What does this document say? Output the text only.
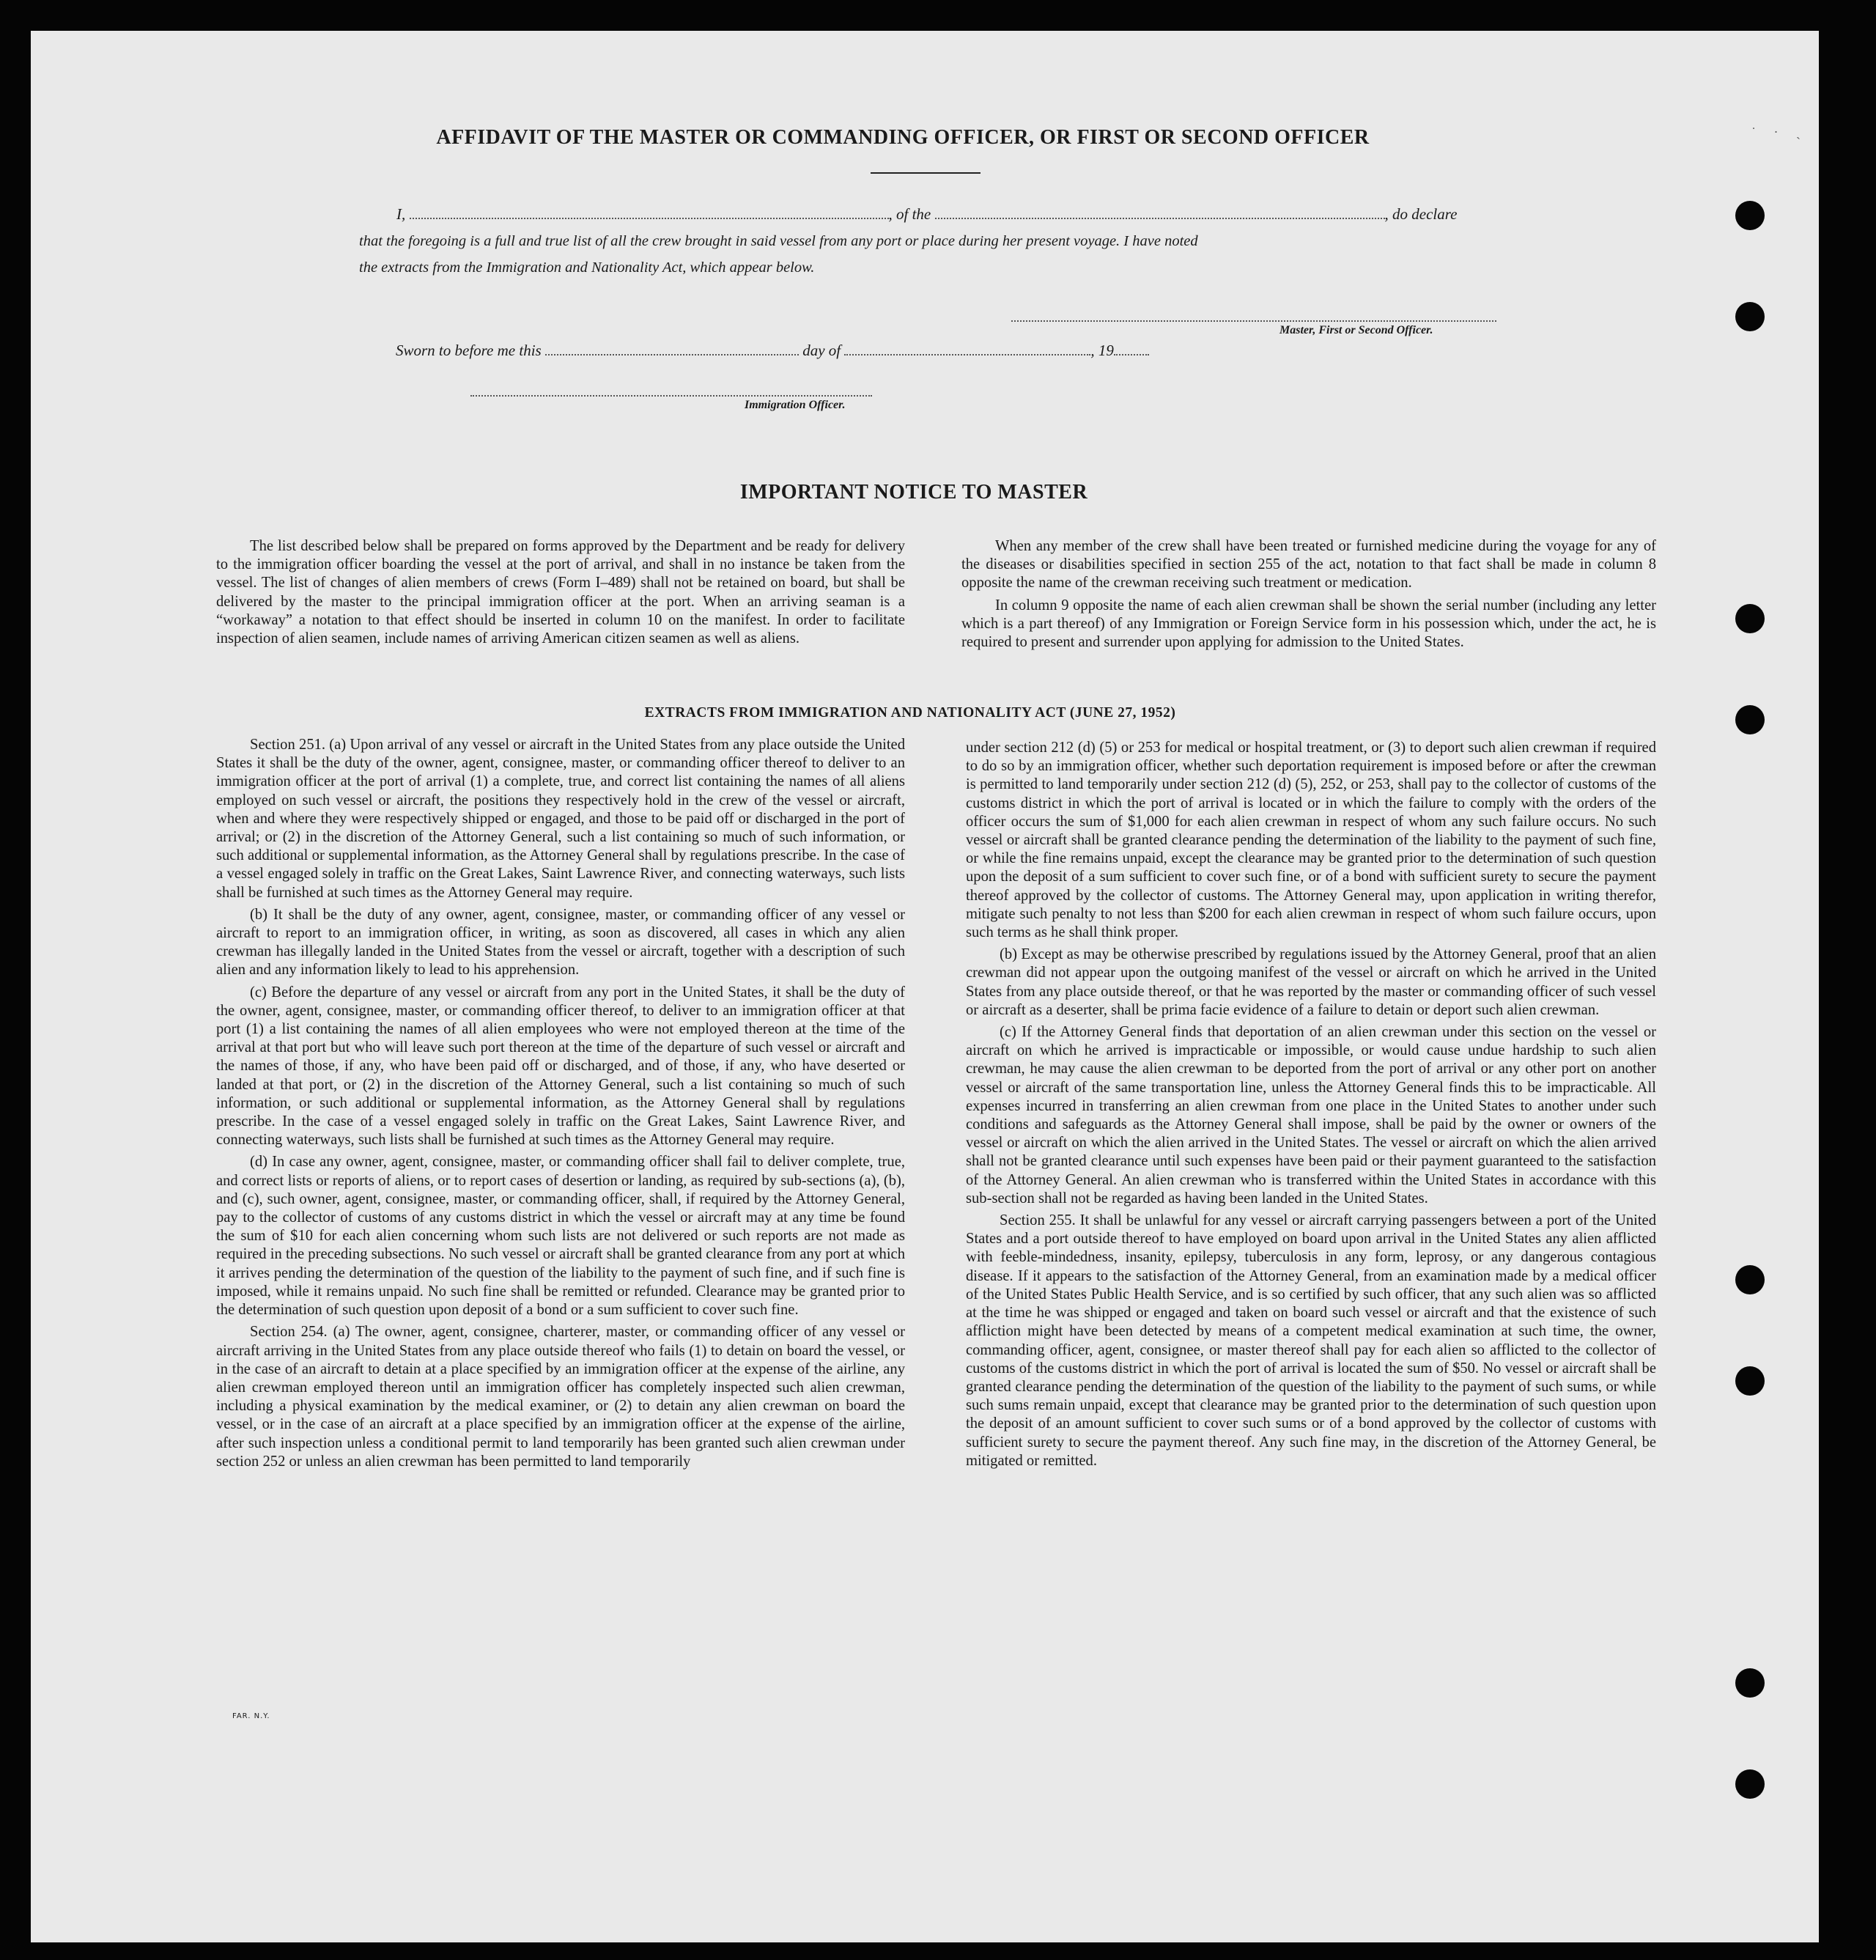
˙ · ˎ
AFFIDAVIT OF THE MASTER OR COMMANDING OFFICER, OR FIRST OR SECOND OFFICER
I,	, of the	, do declare
that the foregoing is a full and true list of all the crew brought in said vessel from any port or place during her present voyage. I have noted
the extracts from the Immigration and Nationality Act, which appear below.
Master, First or Second Officer.
Sworn to before me this	day of	, 19
Immigration Officer.
IMPORTANT NOTICE TO MASTER

The list described below shall be prepared on forms approved by the Department and be ready for delivery to the immigration officer boarding the vessel at the port of arrival, and shall in no instance be taken from the vessel. The list of changes of alien members of crews (Form I–489) shall not be retained on board, but shall be delivered by the master to the principal immigration officer at the port. When an arriving seaman is a “workaway” a notation to that effect should be inserted in column 10 on the manifest. In order to facilitate inspection of alien seamen, include names of arriving American citizen seamen as well as aliens.

When any member of the crew shall have been treated or furnished medicine during the voyage for any of the diseases or disabilities specified in section 255 of the act, notation to that fact shall be made in column 8 opposite the name of the crewman receiving such treatment or medication.

In column 9 opposite the name of each alien crewman shall be shown the serial number (including any letter which is a part thereof) of any Immigration or Foreign Service form in his possession which, under the act, he is required to present and surrender upon applying for admission to the United States.

EXTRACTS FROM IMMIGRATION AND NATIONALITY ACT (JUNE 27, 1952)

Section 251. (a) Upon arrival of any vessel or aircraft in the United States from any place outside the United States it shall be the duty of the owner, agent, consignee, master, or commanding officer thereof to deliver to an immigration officer at the port of arrival (1) a complete, true, and correct list containing the names of all aliens employed on such vessel or aircraft, the positions they respectively hold in the crew of the vessel or aircraft, when and where they were respectively shipped or engaged, and those to be paid off or discharged in the port of arrival; or (2) in the discretion of the Attorney General, such a list containing so much of such information, or such additional or supplemental information, as the Attorney General shall by regulations prescribe. In the case of a vessel engaged solely in traffic on the Great Lakes, Saint Lawrence River, and connecting waterways, such lists shall be furnished at such times as the Attorney General may require.

(b) It shall be the duty of any owner, agent, consignee, master, or commanding officer of any vessel or aircraft to report to an immigration officer, in writing, as soon as discovered, all cases in which any alien crewman has illegally landed in the United States from the vessel or aircraft, together with a description of such alien and any information likely to lead to his apprehension.

(c) Before the departure of any vessel or aircraft from any port in the United States, it shall be the duty of the owner, agent, consignee, master, or commanding officer thereof, to deliver to an immigration officer at that port (1) a list containing the names of all alien employees who were not employed thereon at the time of the arrival at that port but who will leave such port thereon at the time of the departure of such vessel or aircraft and the names of those, if any, who have been paid off or discharged, and of those, if any, who have deserted or landed at that port, or (2) in the discretion of the Attorney General, such a list containing so much of such information, or such additional or supplemental information, as the Attorney General shall by regulations prescribe. In the case of a vessel engaged solely in traffic on the Great Lakes, Saint Lawrence River, and connecting waterways, such lists shall be furnished at such times as the Attorney General may require.

(d) In case any owner, agent, consignee, master, or commanding officer shall fail to deliver complete, true, and correct lists or reports of aliens, or to report cases of desertion or landing, as required by sub-sections (a), (b), and (c), such owner, agent, consignee, master, or commanding officer, shall, if required by the Attorney General, pay to the collector of customs of any customs district in which the vessel or aircraft may at any time be found the sum of $10 for each alien concerning whom such lists are not delivered or such reports are not made as required in the preceding subsections. No such vessel or aircraft shall be granted clearance from any port at which it arrives pending the determination of the question of the liability to the payment of such fine, and if such fine is imposed, while it remains unpaid. No such fine shall be remitted or refunded. Clearance may be granted prior to the determination of such question upon deposit of a bond or a sum sufficient to cover such fine.

Section 254. (a) The owner, agent, consignee, charterer, master, or commanding officer of any vessel or aircraft arriving in the United States from any place outside thereof who fails (1) to detain on board the vessel, or in the case of an aircraft to detain at a place specified by an immigration officer at the expense of the airline, any alien crewman employed thereon until an immigration officer has completely inspected such alien crewman, including a physical examination by the medical examiner, or (2) to detain any alien crewman on board the vessel, or in the case of an aircraft at a place specified by an immigration officer at the expense of the airline, after such inspection unless a conditional permit to land temporarily has been granted such alien crewman under section 252 or unless an alien crewman has been permitted to land temporarily

under section 212 (d) (5) or 253 for medical or hospital treatment, or (3) to deport such alien crewman if required to do so by an immigration officer, whether such deportation requirement is imposed before or after the crewman is permitted to land temporarily under section 212 (d) (5), 252, or 253, shall pay to the collector of customs of the customs district in which the port of arrival is located or in which the failure to comply with the orders of the officer occurs the sum of $1,000 for each alien crewman in respect of whom any such failure occurs. No such vessel or aircraft shall be granted clearance pending the determination of the liability to the payment of such fine, or while the fine remains unpaid, except the clearance may be granted prior to the determination of such question upon the deposit of a sum sufficient to cover such fine, or of a bond with sufficient surety to secure the payment thereof approved by the collector of customs. The Attorney General may, upon application in writing therefor, mitigate such penalty to not less than $200 for each alien crewman in respect of whom such failure occurs, upon such terms as he shall think proper.

(b) Except as may be otherwise prescribed by regulations issued by the Attorney General, proof that an alien crewman did not appear upon the outgoing manifest of the vessel or aircraft on which he arrived in the United States from any place outside thereof, or that he was reported by the master or commanding officer of such vessel or aircraft as a deserter, shall be prima facie evidence of a failure to detain or deport such alien crewman.

(c) If the Attorney General finds that deportation of an alien crewman under this section on the vessel or aircraft on which he arrived is impracticable or impossible, or would cause undue hardship to such alien crewman, he may cause the alien crewman to be deported from the port of arrival or any other port on another vessel or aircraft of the same transportation line, unless the Attorney General finds this to be impracticable. All expenses incurred in transferring an alien crewman from one place in the United States to another under such conditions and safeguards as the Attorney General shall impose, shall be paid by the owner or owners of the vessel or aircraft on which the alien arrived in the United States. The vessel or aircraft on which the alien arrived shall not be granted clearance until such expenses have been paid or their payment guaranteed to the satisfaction of the Attorney General. An alien crewman who is transferred within the United States in accordance with this sub-section shall not be regarded as having been landed in the United States.

Section 255. It shall be unlawful for any vessel or aircraft carrying passengers between a port of the United States and a port outside thereof to have employed on board upon arrival in the United States any alien afflicted with feeble-mindedness, insanity, epilepsy, tuberculosis in any form, leprosy, or any dangerous contagious disease. If it appears to the satisfaction of the Attorney General, from an examination made by a medical officer of the United States Public Health Service, and is so certified by such officer, that any such alien was so afflicted at the time he was shipped or engaged and taken on board such vessel or aircraft and that the existence of such affliction might have been detected by means of a competent medical examination at such time, the owner, commanding officer, agent, consignee, or master thereof shall pay for each alien so afflicted to the collector of customs of the customs district in which the port of arrival is located the sum of $50. No vessel or aircraft shall be granted clearance pending the determination of the question of the liability to the payment of such sums, or while such sums remain unpaid, except that clearance may be granted prior to the determination of such question upon the deposit of an amount sufficient to cover such sums or of a bond approved by the collector of customs with sufficient surety to secure the payment thereof. Any such fine may, in the discretion of the Attorney General, be mitigated or remitted.

FAR. N.Y.
